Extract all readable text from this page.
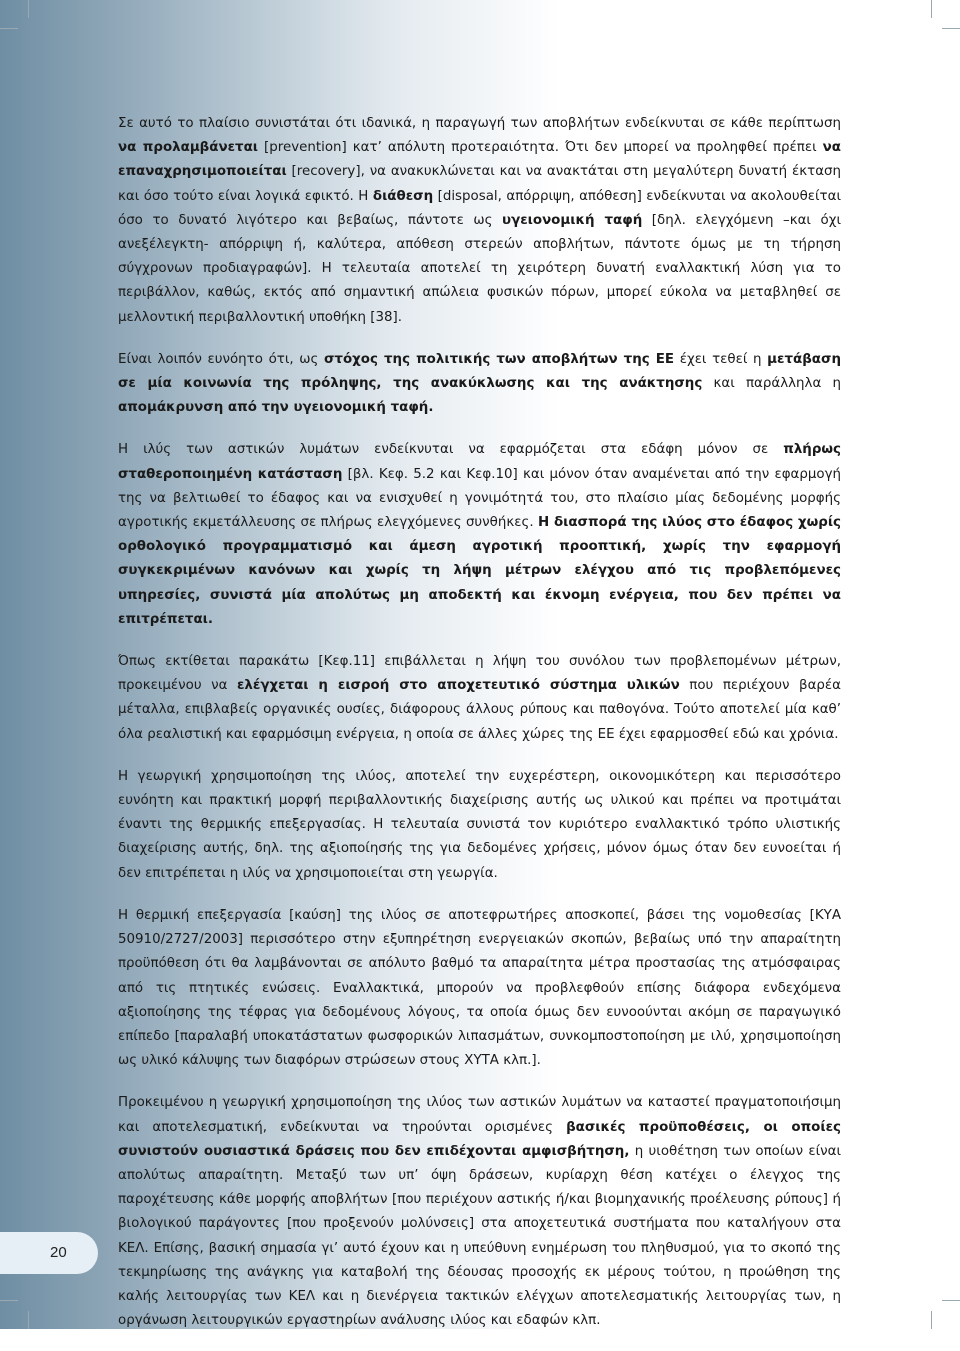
Σε αυτό το πλαίσιο συνιστάται ότι ιδανικά, η παραγωγή των αποβλήτων ενδείκνυται σε κάθε περίπτωση να προλαμβάνεται [prevention] κατ’ απόλυτη προτεραιότητα. Ότι δεν μπορεί να προληφθεί πρέπει να επαναχρησιμοποιείται [recovery], να ανακυκλώνεται και να ανακτάται στη μεγαλύτερη δυνατή έκταση και όσο τούτο είναι λογικά εφικτό. Η διάθεση [disposal, απόρριψη, απόθεση] ενδείκνυται να ακολουθείται όσο το δυνατό λιγότερο και βεβαίως, πάντοτε ως υγειονομική ταφή [δηλ. ελεγχόμενη –και όχι ανεξέλεγκτη- απόρριψη ή, καλύτερα, απόθεση στερεών αποβλήτων, πάντοτε όμως με τη τήρηση σύγχρονων προδιαγραφών]. Η τελευταία αποτελεί τη χειρότερη δυνατή εναλλακτική λύση για το περιβάλλον, καθώς, εκτός από σημαντική απώλεια φυσικών πόρων, μπορεί εύκολα να μεταβληθεί σε μελλοντική περιβαλλοντική υποθήκη [38].

Είναι λοιπόν ευνόητο ότι, ως στόχος της πολιτικής των αποβλήτων της ΕΕ έχει τεθεί η μετάβαση σε μία κοινωνία της πρόληψης, της ανακύκλωσης και της ανάκτησης και παράλληλα η απομάκρυνση από την υγειονομική ταφή.

Η ιλύς των αστικών λυμάτων ενδείκνυται να εφαρμόζεται στα εδάφη μόνον σε πλήρως σταθεροποιημένη κατάσταση [βλ. Κεφ. 5.2 και Κεφ.10] και μόνον όταν αναμένεται από την εφαρμογή της να βελτιωθεί το έδαφος και να ενισχυθεί η γονιμότητά του, στο πλαίσιο μίας δεδομένης μορφής αγροτικής εκμετάλλευσης σε πλήρως ελεγχόμενες συνθήκες. Η διασπορά της ιλύος στο έδαφος χωρίς ορθολογικό προγραμματισμό και άμεση αγροτική προοπτική, χωρίς την εφαρμογή συγκεκριμένων κανόνων και χωρίς τη λήψη μέτρων ελέγχου από τις προβλεπόμενες υπηρεσίες, συνιστά μία απολύτως μη αποδεκτή και έκνομη ενέργεια, που δεν πρέπει να επιτρέπεται.

Όπως εκτίθεται παρακάτω [Κεφ.11] επιβάλλεται η λήψη του συνόλου των προβλεπομένων μέτρων, προκειμένου να ελέγχεται η εισροή στο αποχετευτικό σύστημα υλικών που περιέχουν βαρέα μέταλλα, επιβλαβείς οργανικές ουσίες, διάφορους άλλους ρύπους και παθογόνα. Τούτο αποτελεί μία καθ’ όλα ρεαλιστική και εφαρμόσιμη ενέργεια, η οποία σε άλλες χώρες της ΕΕ έχει εφαρμοσθεί εδώ και χρόνια.

Η γεωργική χρησιμοποίηση της ιλύος, αποτελεί την ευχερέστερη, οικονομικότερη και περισσότερο ευνόητη και πρακτική μορφή περιβαλλοντικής διαχείρισης αυτής ως υλικού και πρέπει να προτιμάται έναντι της θερμικής επεξεργασίας. Η τελευταία συνιστά τον κυριότερο εναλλακτικό τρόπο υλιστικής διαχείρισης αυτής, δηλ. της αξιοποίησής της για δεδομένες χρήσεις, μόνον όμως όταν δεν ευνοείται ή δεν επιτρέπεται η ιλύς να χρησιμοποιείται στη γεωργία.

Η θερμική επεξεργασία [καύση] της ιλύος σε αποτεφρωτήρες αποσκοπεί, βάσει της νομοθεσίας [ΚΥΑ 50910/2727/2003] περισσότερο στην εξυπηρέτηση ενεργειακών σκοπών, βεβαίως υπό την απαραίτητη προϋπόθεση ότι θα λαμβάνονται σε απόλυτο βαθμό τα απαραίτητα μέτρα προστασίας της ατμόσφαιρας από τις πτητικές ενώσεις. Εναλλακτικά, μπορούν να προβλεφθούν επίσης διάφορα ενδεχόμενα αξιοποίησης της τέφρας για δεδομένους λόγους, τα οποία όμως δεν ευνοούνται ακόμη σε παραγωγικό επίπεδο [παραλαβή υποκατάστατων φωσφορικών λιπασμάτων, συνκομποστοποίηση με ιλύ, χρησιμοποίηση ως υλικό κάλυψης των διαφόρων στρώσεων στους ΧΥΤΑ κλπ.].

Προκειμένου η γεωργική χρησιμοποίηση της ιλύος των αστικών λυμάτων να καταστεί πραγματοποιήσιμη και αποτελεσματική, ενδείκνυται να τηρούνται ορισμένες βασικές προϋποθέσεις, οι οποίες συνιστούν ουσιαστικά δράσεις που δεν επιδέχονται αμφισβήτηση, η υιοθέτηση των οποίων είναι απολύτως απαραίτητη. Μεταξύ των υπ’ όψη δράσεων, κυρίαρχη θέση κατέχει ο έλεγχος της παροχέτευσης κάθε μορφής αποβλήτων [που περιέχουν αστικής ή/και βιομηχανικής προέλευσης ρύπους] ή βιολογικού παράγοντες [που προξενούν μολύνσεις] στα αποχετευτικά συστήματα που καταλήγουν στα ΚΕΛ. Επίσης, βασική σημασία γι’ αυτό έχουν και η υπεύθυνη ενημέρωση του πληθυσμού, για το σκοπό της τεκμηρίωσης της ανάγκης για καταβολή της δέουσας προσοχής εκ μέρους τούτου, η προώθηση της καλής λειτουργίας των ΚΕΛ και η διενέργεια τακτικών ελέγχων αποτελεσματικής λειτουργίας των, η οργάνωση λειτουργικών εργαστηρίων ανάλυσης ιλύος και εδαφών κλπ.

20
